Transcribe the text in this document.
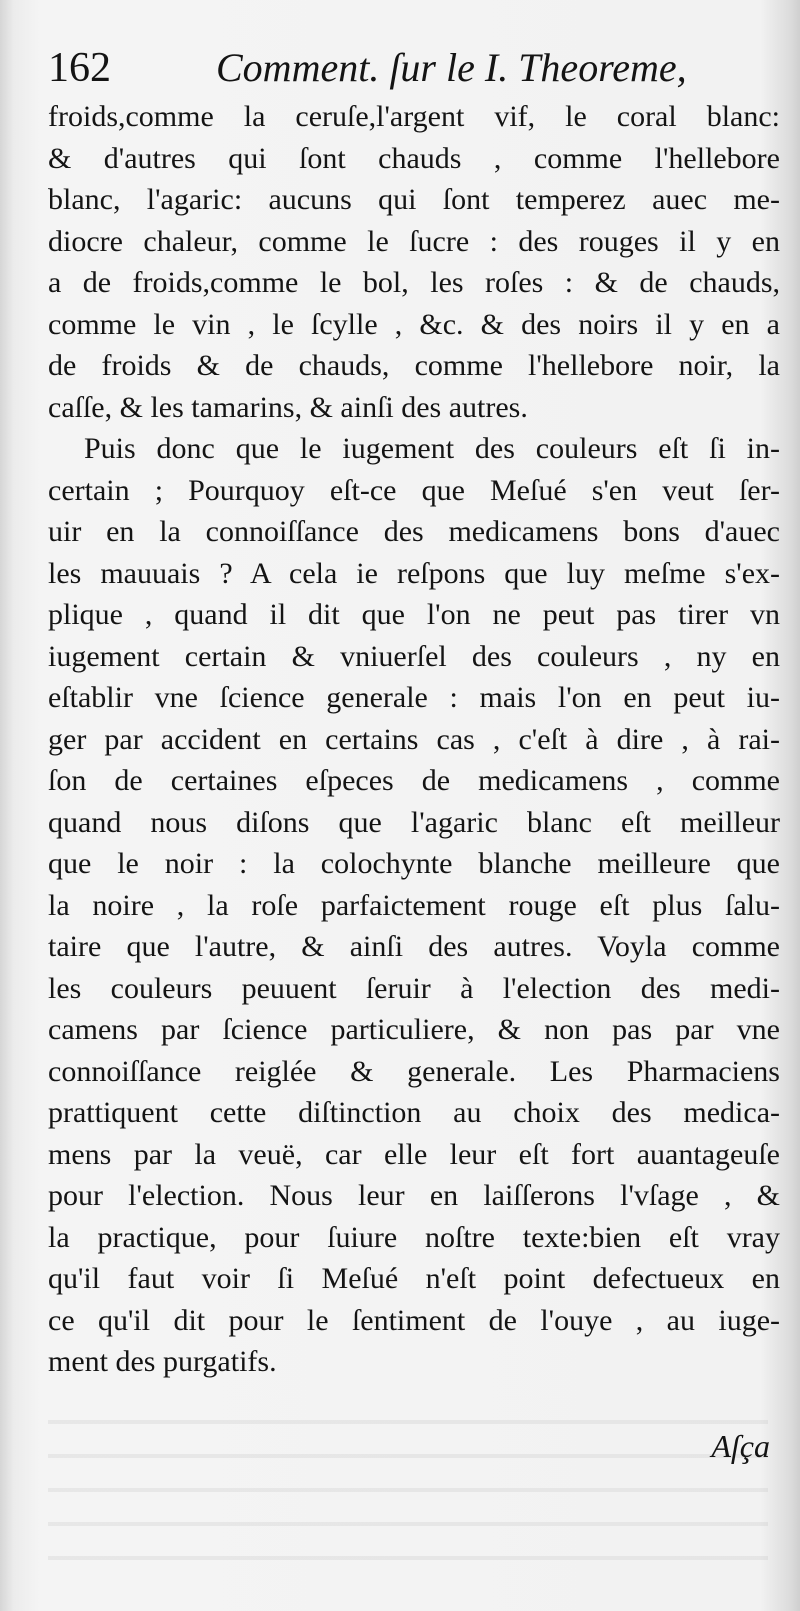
162	Comment. ſur le I. Theoreme,
froids,comme la ceruſe,l'argent vif, le coral blanc:
& d'autres qui ſont chauds , comme l'hellebore
blanc, l'agaric: aucuns qui ſont temperez auec me-
diocre chaleur, comme le ſucre : des rouges il y en
a de froids,comme le bol, les roſes : & de chauds,
comme le vin , le ſcylle , &c. & des noirs il y en a
de froids & de chauds, comme l'hellebore noir, la
caſſe, & les tamarins, & ainſi des autres.
Puis donc que le iugement des couleurs eſt ſi in-
certain ; Pourquoy eſt-ce que Meſué s'en veut ſer-
uir en la connoiſſance des medicamens bons d'auec
les mauuais ? A cela ie reſpons que luy meſme s'ex-
plique , quand il dit que l'on ne peut pas tirer vn
iugement certain & vniuerſel des couleurs , ny en
eſtablir vne ſcience generale : mais l'on en peut iu-
ger par accident en certains cas , c'eſt à dire , à rai-
ſon de certaines eſpeces de medicamens , comme
quand nous diſons que l'agaric blanc eſt meilleur
que le noir : la colochynte blanche meilleure que
la noire , la roſe parfaictement rouge eſt plus ſalu-
taire que l'autre, & ainſi des autres. Voyla comme
les couleurs peuuent ſeruir à l'election des medi-
camens par ſcience particuliere, & non pas par vne
connoiſſance reiglée & generale. Les Pharmaciens
prattiquent cette diſtinction au choix des medica-
mens par la veuë, car elle leur eſt fort auantageuſe
pour l'election. Nous leur en laiſſerons l'vſage , &
la practique, pour ſuiure noſtre texte:bien eſt vray
qu'il faut voir ſi Meſué n'eſt point defectueux en
ce qu'il dit pour le ſentiment de l'ouye , au iuge-
ment des purgatifs.
Aſça
